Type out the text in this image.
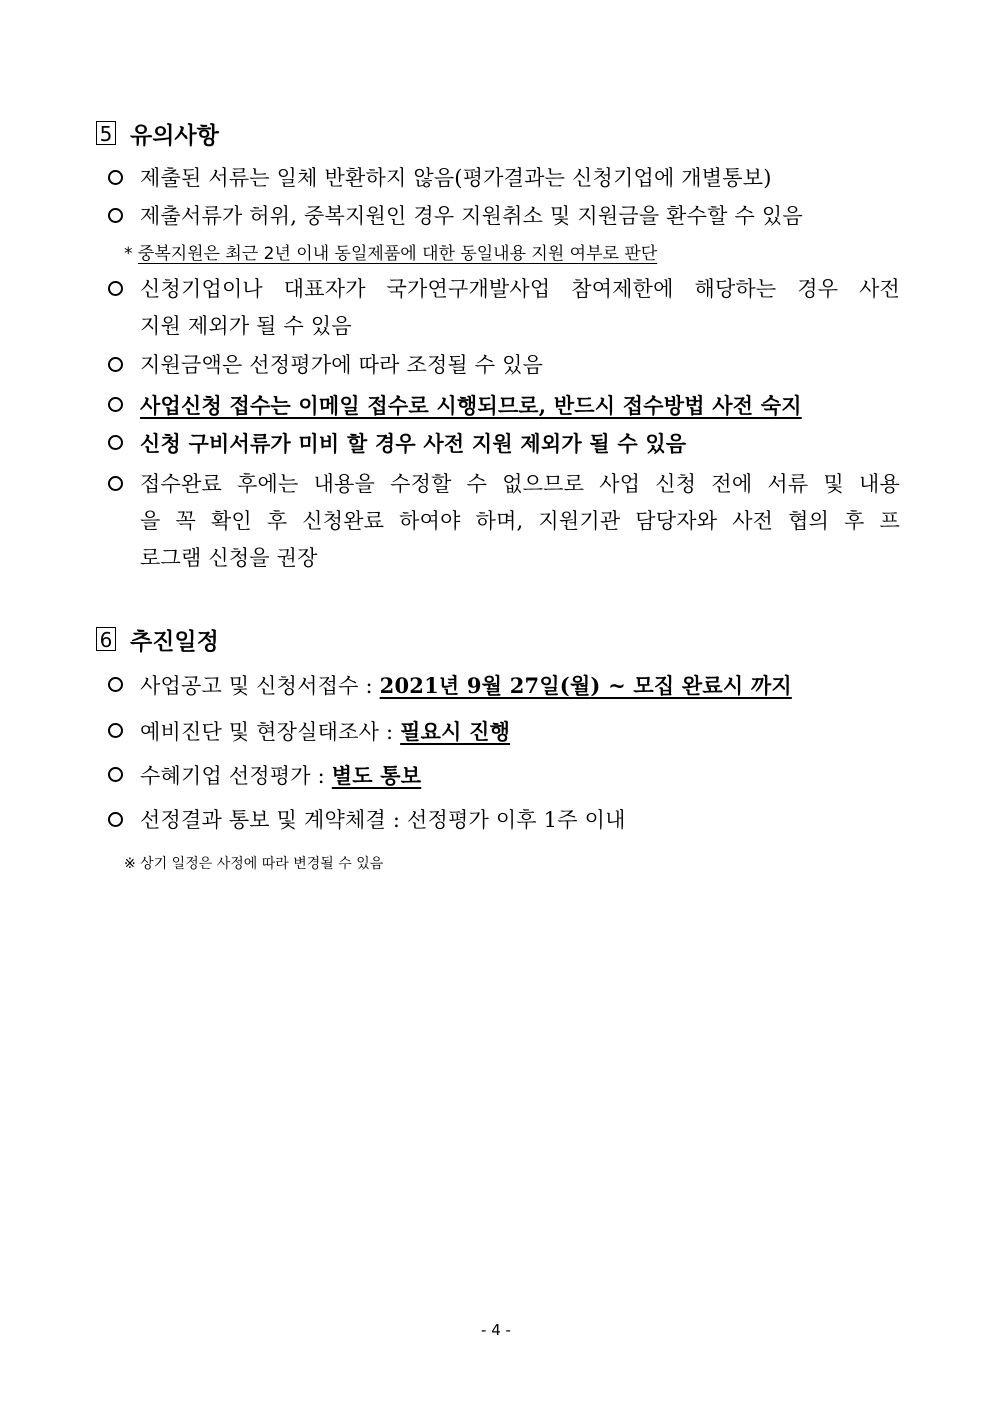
5 유의사항
제출된 서류는 일체 반환하지 않음(평가결과는 신청기업에 개별통보)
제출서류가 허위, 중복지원인 경우 지원취소 및 지원금을 환수할 수 있음
* 중복지원은 최근 2년 이내 동일제품에 대한 동일내용 지원 여부로 판단
신청기업이나 대표자가 국가연구개발사업 참여제한에 해당하는 경우 사전
지원 제외가 될 수 있음
지원금액은 선정평가에 따라 조정될 수 있음
사업신청 접수는 이메일 접수로 시행되므로, 반드시 접수방법 사전 숙지
신청 구비서류가 미비 할 경우 사전 지원 제외가 될 수 있음
접수완료 후에는 내용을 수정할 수 없으므로 사업 신청 전에 서류 및 내용
을 꼭 확인 후 신청완료 하여야 하며, 지원기관 담당자와 사전 협의 후 프
로그램 신청을 권장
6 추진일정
사업공고 및 신청서접수 : 2021년 9월 27일(월) ~ 모집 완료시 까지
예비진단 및 현장실태조사 : 필요시 진행
수혜기업 선정평가 : 별도 통보
선정결과 통보 및 계약체결 : 선정평가 이후 1주 이내
※ 상기 일정은 사정에 따라 변경될 수 있음
- 4 -
